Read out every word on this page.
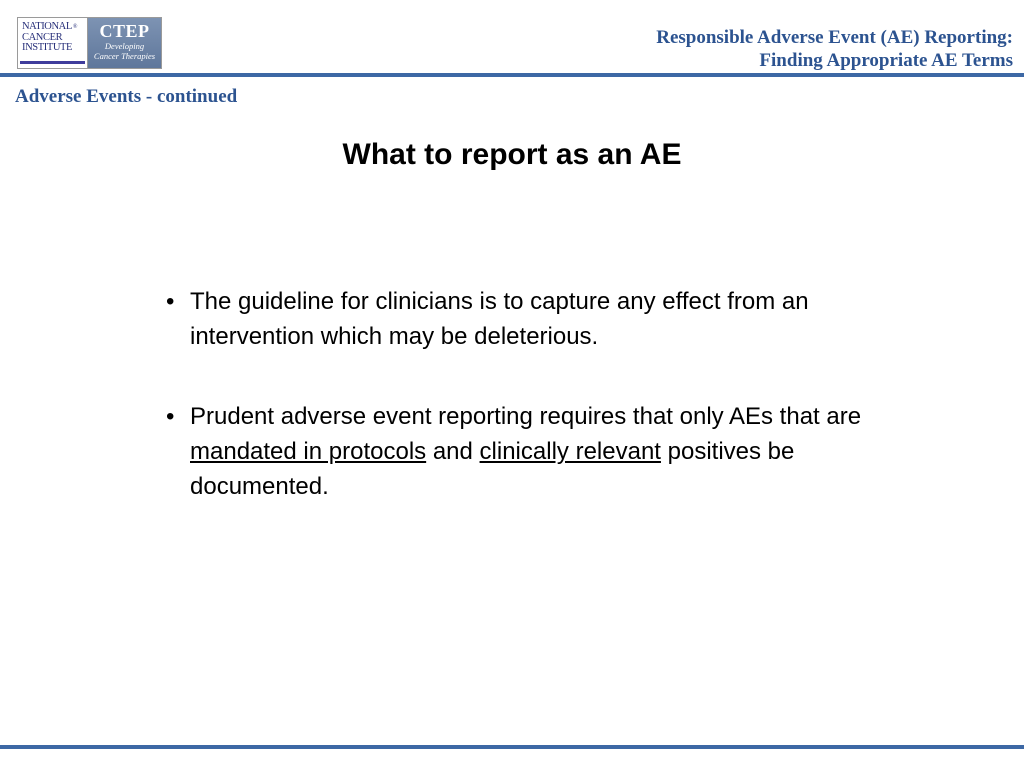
NATIONAL®
CANCER
INSTITUTE
CTEP
Developing
Cancer Therapies
Responsible Adverse Event (AE) Reporting:
Finding Appropriate AE Terms
Adverse Events - continued
What to report as an AE
• The guideline for clinicians is to capture any effect from an intervention which may be deleterious.
• Prudent adverse event reporting requires that only AEs that are mandated in protocols and clinically relevant positives be documented.
